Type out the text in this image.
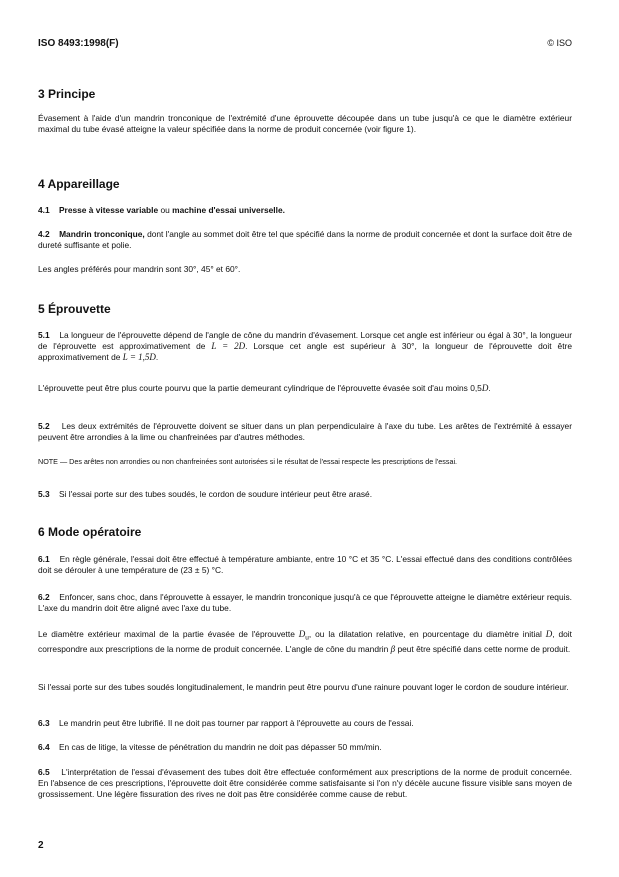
ISO 8493:1998(F)	© ISO
3 Principe

Évasement à l'aide d'un mandrin tronconique de l'extrémité d'une éprouvette découpée dans un tube jusqu'à ce que le diamètre extérieur maximal du tube évasé atteigne la valeur spécifiée dans la norme de produit concernée (voir figure 1).

4 Appareillage

4.1 Presse à vitesse variable ou machine d'essai universelle.

4.2 Mandrin tronconique, dont l'angle au sommet doit être tel que spécifié dans la norme de produit concernée et dont la surface doit être de dureté suffisante et polie.

Les angles préférés pour mandrin sont 30°, 45° et 60°.

5 Éprouvette

5.1 La longueur de l'éprouvette dépend de l'angle de cône du mandrin d'évasement. Lorsque cet angle est inférieur ou égal à 30°, la longueur de l'éprouvette est approximativement de L = 2D. Lorsque cet angle est supérieur à 30°, la longueur de l'éprouvette doit être approximativement de L = 1,5D.

L'éprouvette peut être plus courte pourvu que la partie demeurant cylindrique de l'éprouvette évasée soit d'au moins 0,5D.

5.2 Les deux extrémités de l'éprouvette doivent se situer dans un plan perpendiculaire à l'axe du tube. Les arêtes de l'extrémité à essayer peuvent être arrondies à la lime ou chanfreinées par d'autres méthodes.

NOTE — Des arêtes non arrondies ou non chanfreinées sont autorisées si le résultat de l'essai respecte les prescriptions de l'essai.

5.3 Si l'essai porte sur des tubes soudés, le cordon de soudure intérieur peut être arasé.

6 Mode opératoire

6.1 En règle générale, l'essai doit être effectué à température ambiante, entre 10 °C et 35 °C. L'essai effectué dans des conditions contrôlées doit se dérouler à une température de (23 ± 5) °C.

6.2 Enfoncer, sans choc, dans l'éprouvette à essayer, le mandrin tronconique jusqu'à ce que l'éprouvette atteigne le diamètre extérieur requis. L'axe du mandrin doit être aligné avec l'axe du tube.

Le diamètre extérieur maximal de la partie évasée de l'éprouvette $D_u$, ou la dilatation relative, en pourcentage du diamètre initial D, doit correspondre aux prescriptions de la norme de produit concernée. L'angle de cône du mandrin β peut être spécifié dans cette norme de produit.

Si l'essai porte sur des tubes soudés longitudinalement, le mandrin peut être pourvu d'une rainure pouvant loger le cordon de soudure intérieur.

6.3 Le mandrin peut être lubrifié. Il ne doit pas tourner par rapport à l'éprouvette au cours de l'essai.

6.4 En cas de litige, la vitesse de pénétration du mandrin ne doit pas dépasser 50 mm/min.

6.5 L'interprétation de l'essai d'évasement des tubes doit être effectuée conformément aux prescriptions de la norme de produit concernée. En l'absence de ces prescriptions, l'éprouvette doit être considérée comme satisfaisante si l'on n'y décèle aucune fissure visible sans moyen de grossissement. Une légère fissuration des rives ne doit pas être considérée comme cause de rebut.

2
